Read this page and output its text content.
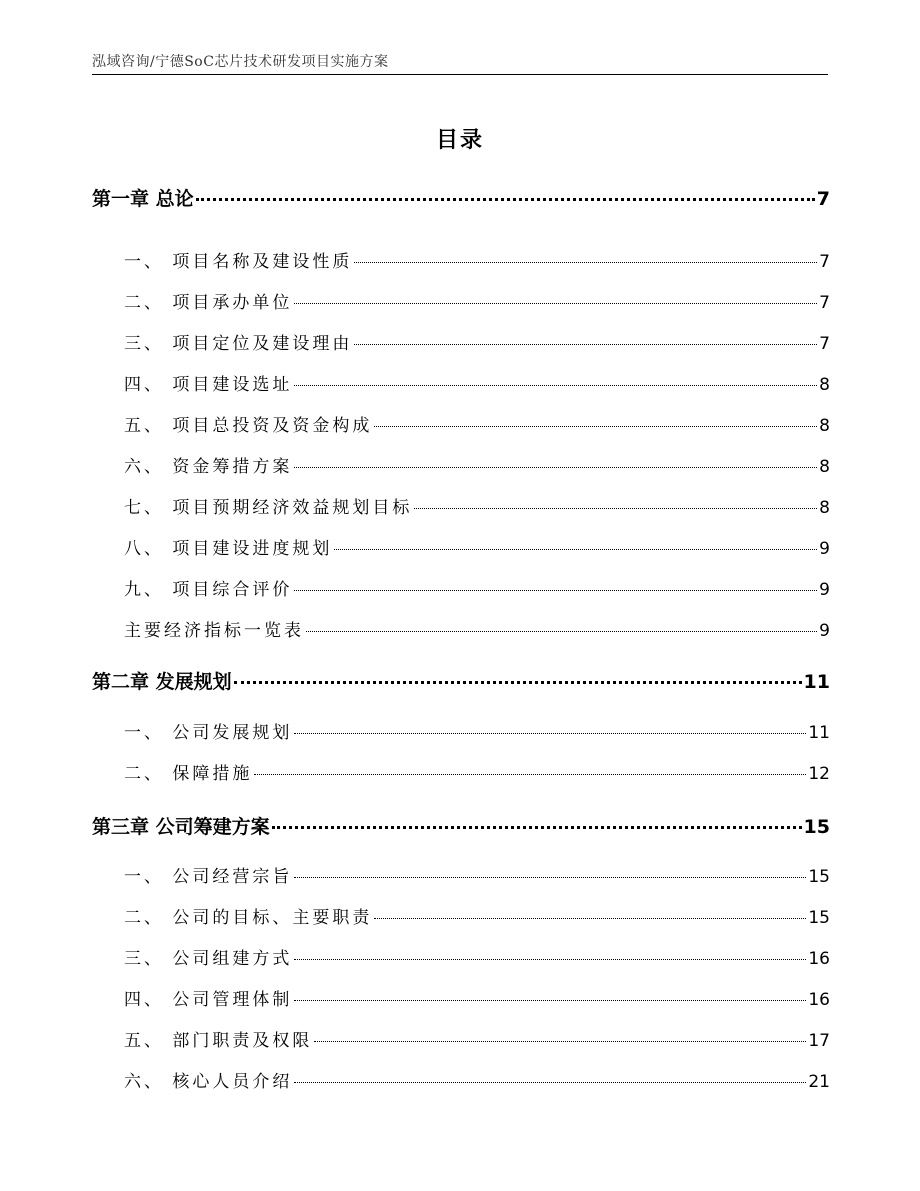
泓域咨询/宁德SoC芯片技术研发项目实施方案
目录
第一章 总论	7
一、 项目名称及建设性质	7
二、 项目承办单位	7
三、 项目定位及建设理由	7
四、 项目建设选址	8
五、 项目总投资及资金构成	8
六、 资金筹措方案	8
七、 项目预期经济效益规划目标	8
八、 项目建设进度规划	9
九、 项目综合评价	9
主要经济指标一览表	9
第二章 发展规划	11
一、 公司发展规划	11
二、 保障措施	12
第三章 公司筹建方案	15
一、 公司经营宗旨	15
二、 公司的目标、主要职责	15
三、 公司组建方式	16
四、 公司管理体制	16
五、 部门职责及权限	17
六、 核心人员介绍	21
